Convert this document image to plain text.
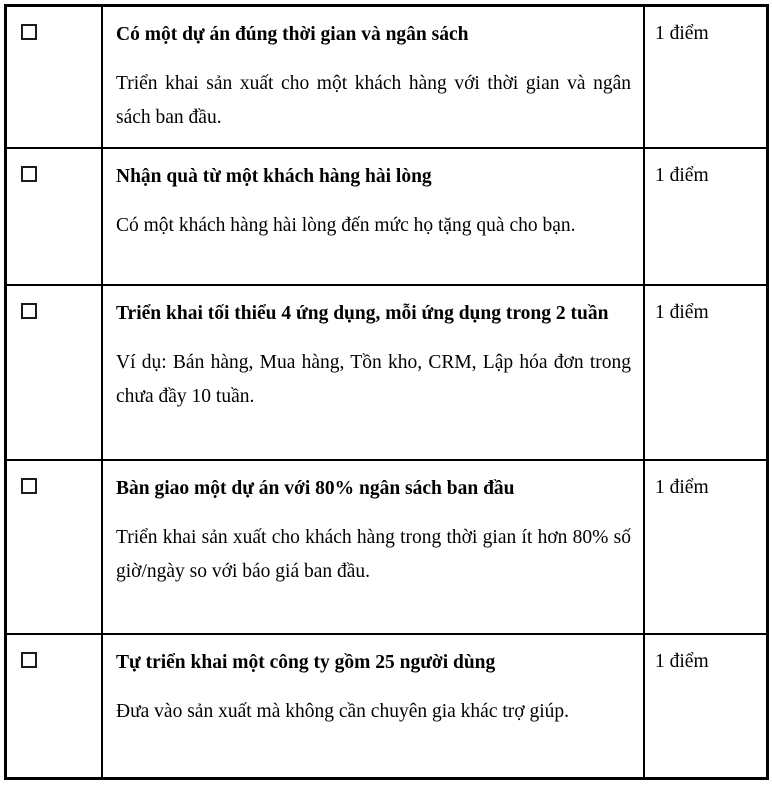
Có một dự án đúng thời gian và ngân sách

Triển khai sản xuất cho một khách hàng với thời gian và ngân sách ban đầu.

1 điểm

Nhận quà từ một khách hàng hài lòng

Có một khách hàng hài lòng đến mức họ tặng quà cho bạn.

1 điểm

Triển khai tối thiểu 4 ứng dụng, mỗi ứng dụng trong 2 tuần

Ví dụ: Bán hàng, Mua hàng, Tồn kho, CRM, Lập hóa đơn trong chưa đầy 10 tuần.

1 điểm

Bàn giao một dự án với 80% ngân sách ban đầu

Triển khai sản xuất cho khách hàng trong thời gian ít hơn 80% số giờ/ngày so với báo giá ban đầu.

1 điểm

Tự triển khai một công ty gồm 25 người dùng

Đưa vào sản xuất mà không cần chuyên gia khác trợ giúp.

1 điểm
